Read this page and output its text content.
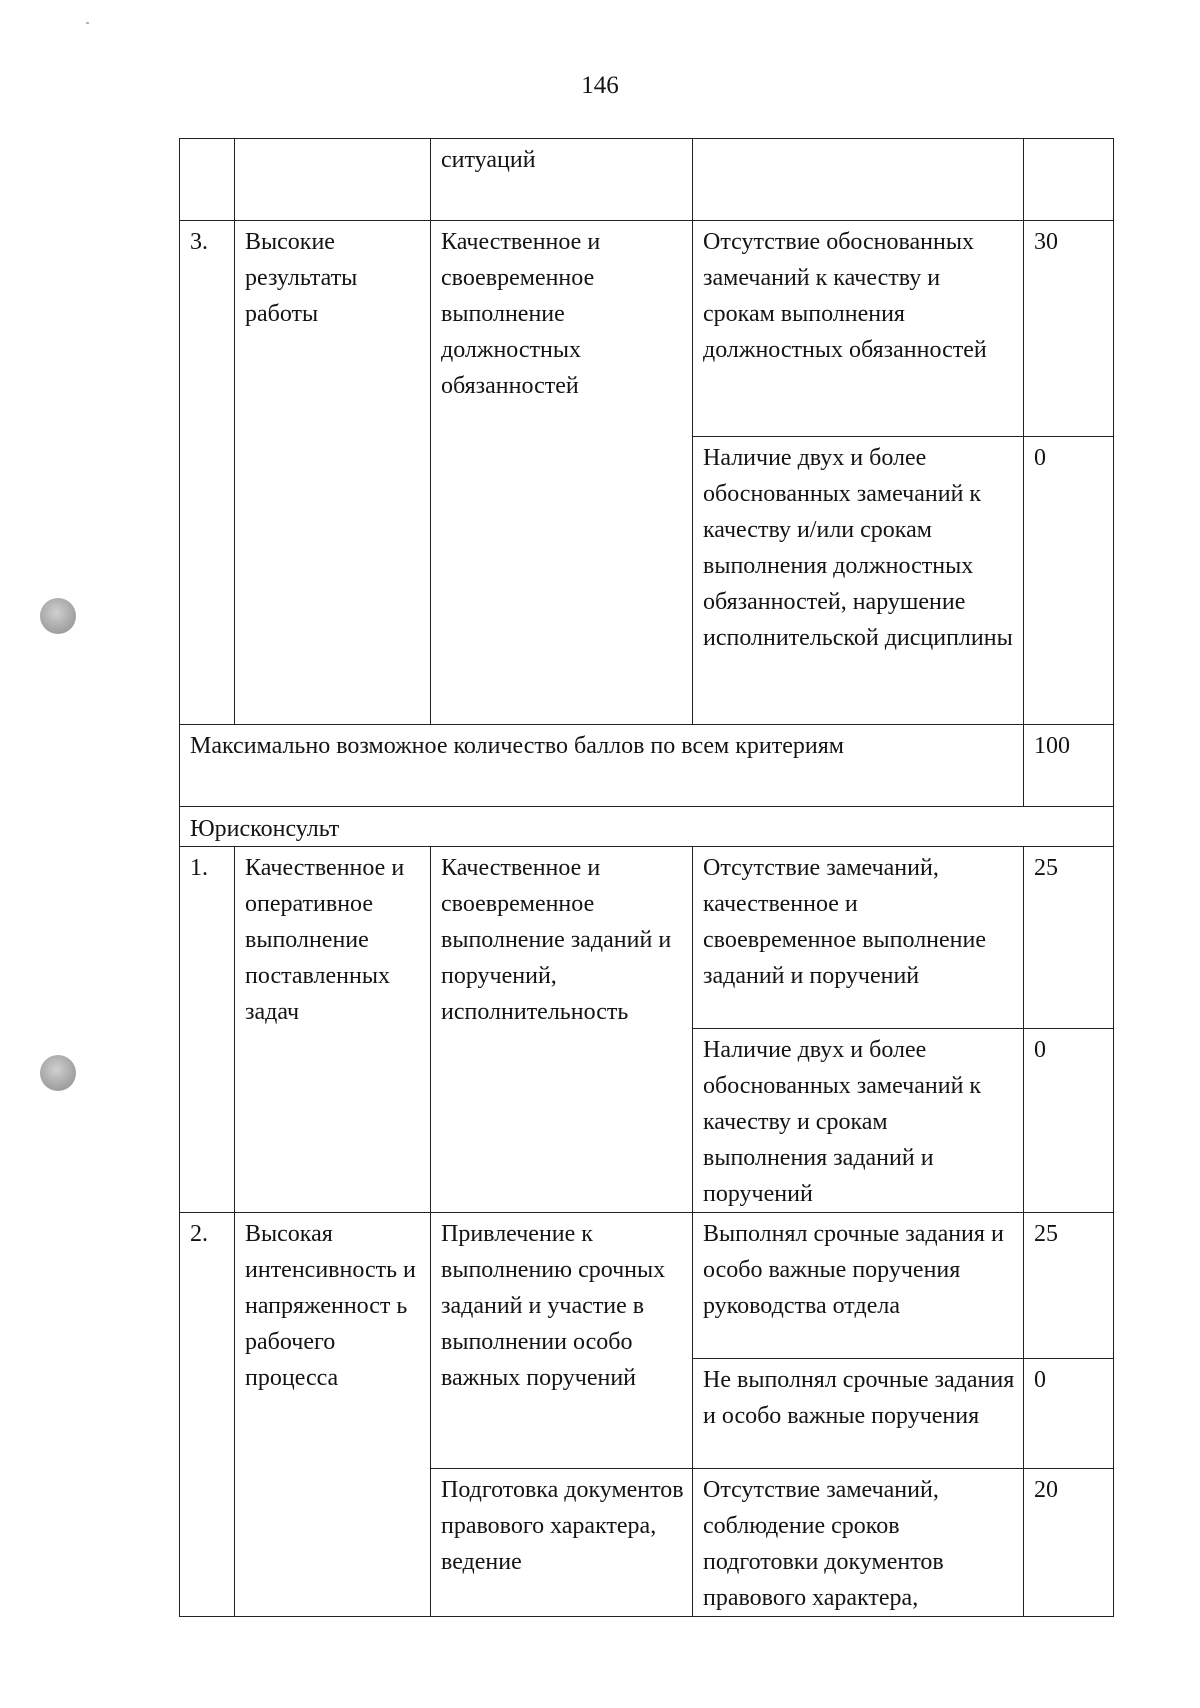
146
		ситуаций		
3.	Высокие результаты работы	Качественное и своевременное выполнение должностных обязанностей	Отсутствие обоснованных замечаний к качеству и срокам выполнения должностных обязанностей	30
			Наличие двух и более обоснованных замечаний к качеству и/или срокам выполнения должностных обязанностей, нарушение исполнительской дисциплины	0
Максимально возможное количество баллов по всем критериям				100
Юрисконсульт				
1.	Качественное и оперативное выполнение поставленных задач	Качественное и своевременное выполнение заданий и поручений, исполнительность	Отсутствие замечаний, качественное и своевременное выполнение заданий и поручений	25
			Наличие двух и более обоснованных замечаний к качеству и срокам выполнения заданий и поручений	0
2.	Высокая интенсивность и напряженност ь рабочего процесса	Привлечение к выполнению срочных заданий и участие в выполнении особо важных поручений	Выполнял срочные задания и особо важные поручения руководства отдела	25
			Не выполнял срочные задания и особо важные поручения	0
		Подготовка документов правового характера, ведение	Отсутствие замечаний, соблюдение сроков подготовки документов правового характера,	20
